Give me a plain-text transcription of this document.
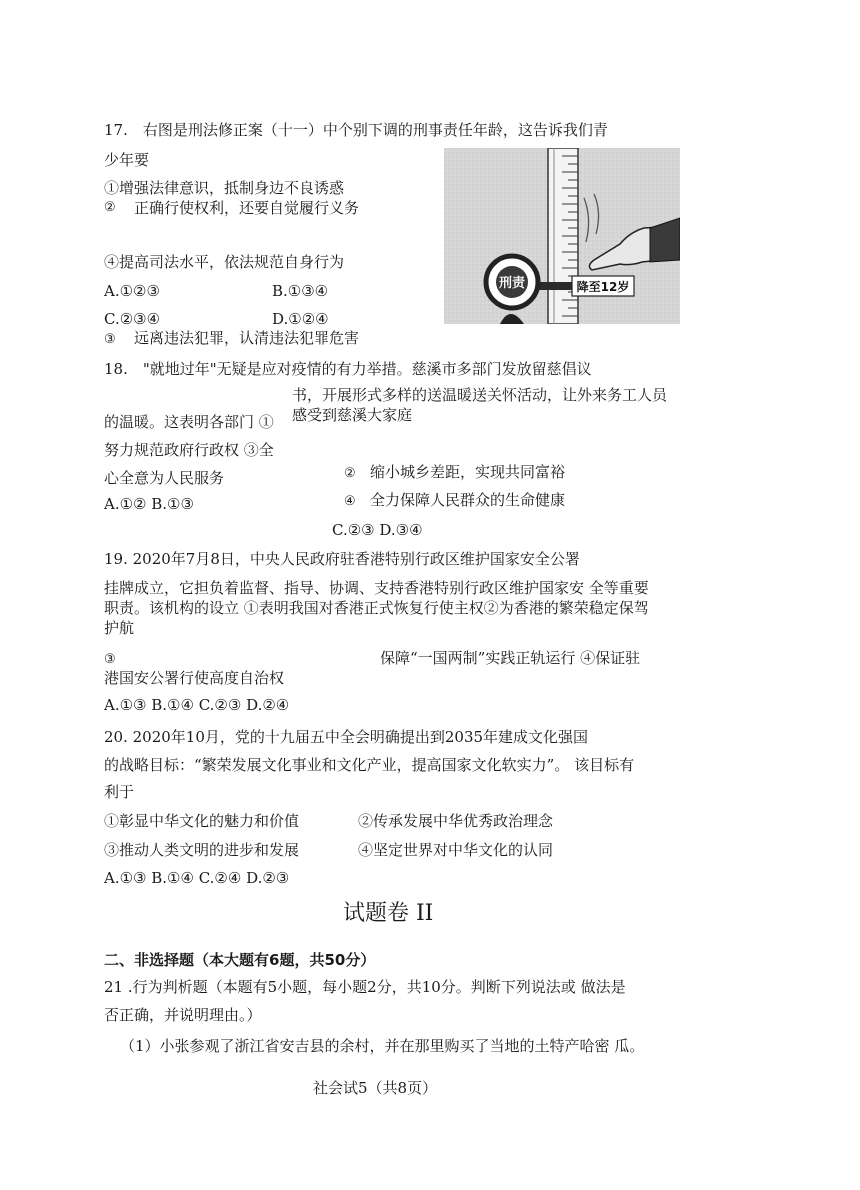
17.　右图是刑法修正案（十一）中个别下调的刑事责任年龄，这告诉我们青
少年要
①增强法律意识，抵制身边不良诱惑
② 正确行使权利，还要自觉履行义务
④提高司法水平，依法规范自身行为
A.①②③	B.①③④
C.②③④	D.①②④
③ 远离违法犯罪，认清违法犯罪危害
降至12岁
刑责
18.　"就地过年"无疑是应对疫情的有力举措。慈溪市多部门发放留慈倡议
书，开展形式多样的送温暖送关怀活动，让外来务工人员
感受到慈溪大家庭
的温暖。这表明各部门 ①
努力规范政府行政权 ③全
心全意为人民服务	② 缩小城乡差距，实现共同富裕
④ 全力保障人民群众的生命健康
A.①② B.①③
C.②③ D.③④
19. 2020年7月8日，中央人民政府驻香港特别行政区维护国家安全公署
挂牌成立，它担负着监督、指导、协调、支持香港特别行政区维护国家安 全等重要
职责。该机构的设立 ①表明我国对香港正式恢复行使主权②为香港的繁荣稳定保驾
护航
③	保障“一国两制”实践正轨运行 ④保证驻
港国安公署行使高度自治权
A.①③ B.①④ C.②③ D.②④
20. 2020年10月，党的十九届五中全会明确提出到2035年建成文化强国
的战略目标：“繁荣发展文化事业和文化产业，提高国家文化软实力”。 该目标有
利于
①彰显中华文化的魅力和价值	②传承发展中华优秀政治理念
③推动人类文明的进步和发展	④坚定世界对中华文化的认同
A.①③ B.①④ C.②④ D.②③
试题卷 II
二、非选择题（本大题有6题，共50分）
21 .行为判析题（本题有5小题，每小题2分，共10分。判断下列说法或 做法是
否正确，并说明理由。）
（1）小张参观了浙江省安吉县的余村，并在那里购买了当地的土特产哈密 瓜。
社会试5（共8页）
